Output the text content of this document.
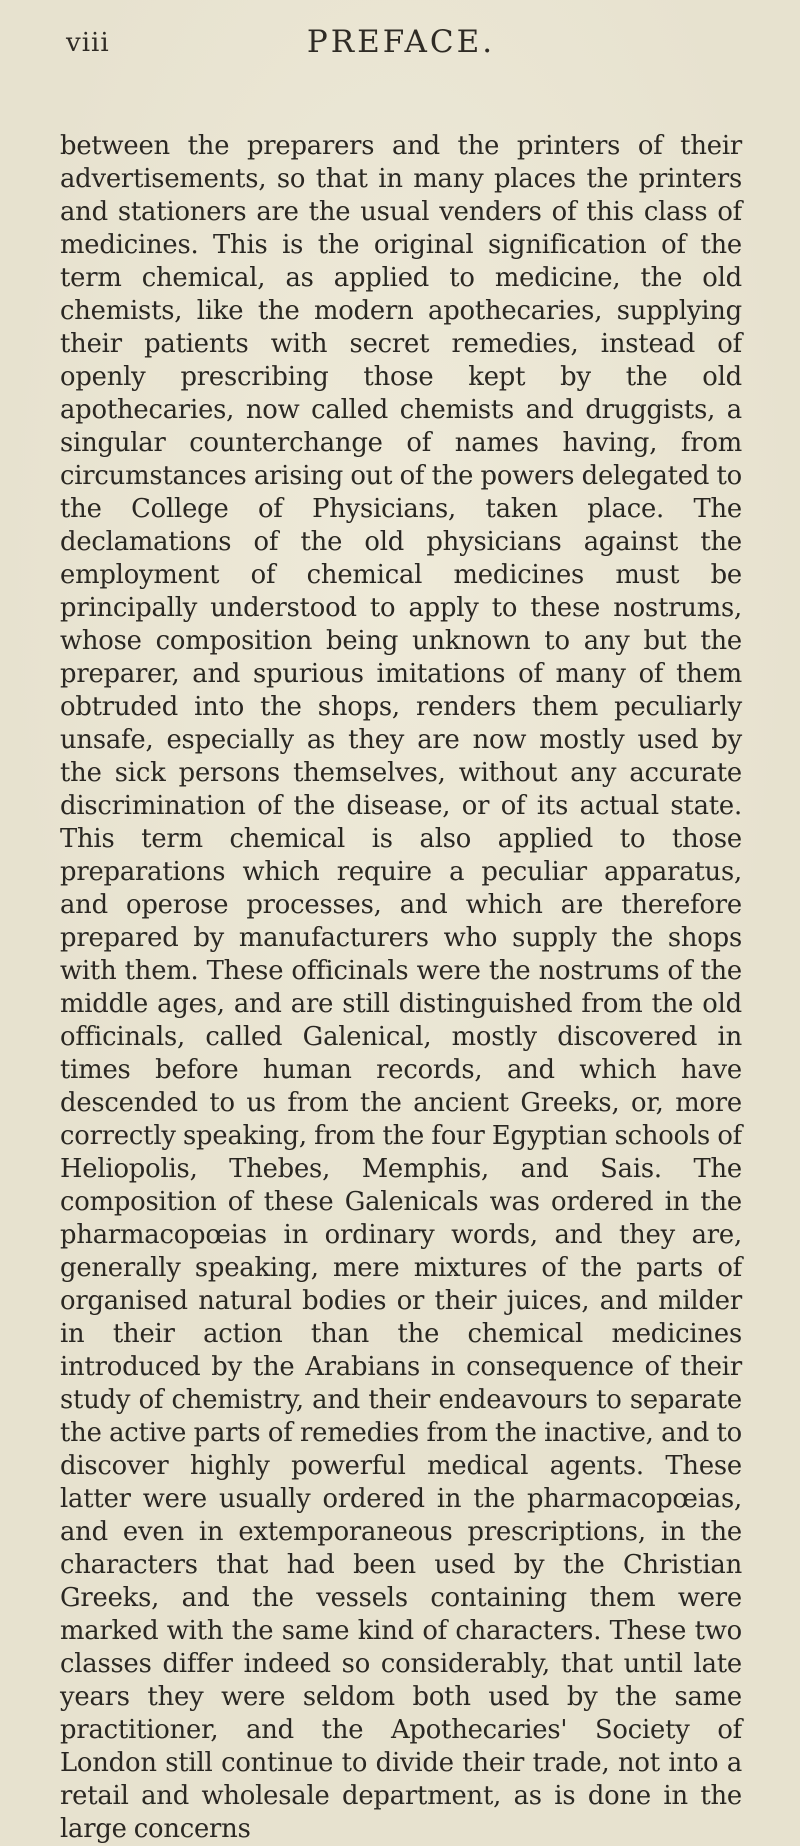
viii	PREFACE.

between the preparers and the printers of their advertisements, so that in many places the printers and stationers are the usual venders of this class of medicines. This is the original signification of the term chemical, as applied to medicine, the old chemists, like the modern apothecaries, supplying their patients with secret remedies, instead of openly prescribing those kept by the old apothecaries, now called chemists and druggists, a singular counterchange of names having, from circumstances arising out of the powers delegated to the College of Physicians, taken place. The declamations of the old physicians against the employment of chemical medicines must be principally understood to apply to these nostrums, whose composition being unknown to any but the preparer, and spurious imitations of many of them obtruded into the shops, renders them peculiarly unsafe, especially as they are now mostly used by the sick persons themselves, without any accurate discrimination of the disease, or of its actual state. This term chemical is also applied to those preparations which require a peculiar apparatus, and operose processes, and which are therefore prepared by manufacturers who supply the shops with them. These officinals were the nostrums of the middle ages, and are still distinguished from the old officinals, called Galenical, mostly discovered in times before human records, and which have descended to us from the ancient Greeks, or, more correctly speaking, from the four Egyptian schools of Heliopolis, Thebes, Memphis, and Sais. The composition of these Galenicals was ordered in the pharmacopœias in ordinary words, and they are, generally speaking, mere mixtures of the parts of organised natural bodies or their juices, and milder in their action than the chemical medicines introduced by the Arabians in consequence of their study of chemistry, and their endeavours to separate the active parts of remedies from the inactive, and to discover highly powerful medical agents. These latter were usually ordered in the pharmacopœias, and even in extemporaneous prescriptions, in the characters that had been used by the Christian Greeks, and the vessels containing them were marked with the same kind of characters. These two classes differ indeed so considerably, that until late years they were seldom both used by the same practitioner, and the Apothecaries' Society of London still continue to divide their trade, not into a retail and wholesale department, as is done in the large concerns
